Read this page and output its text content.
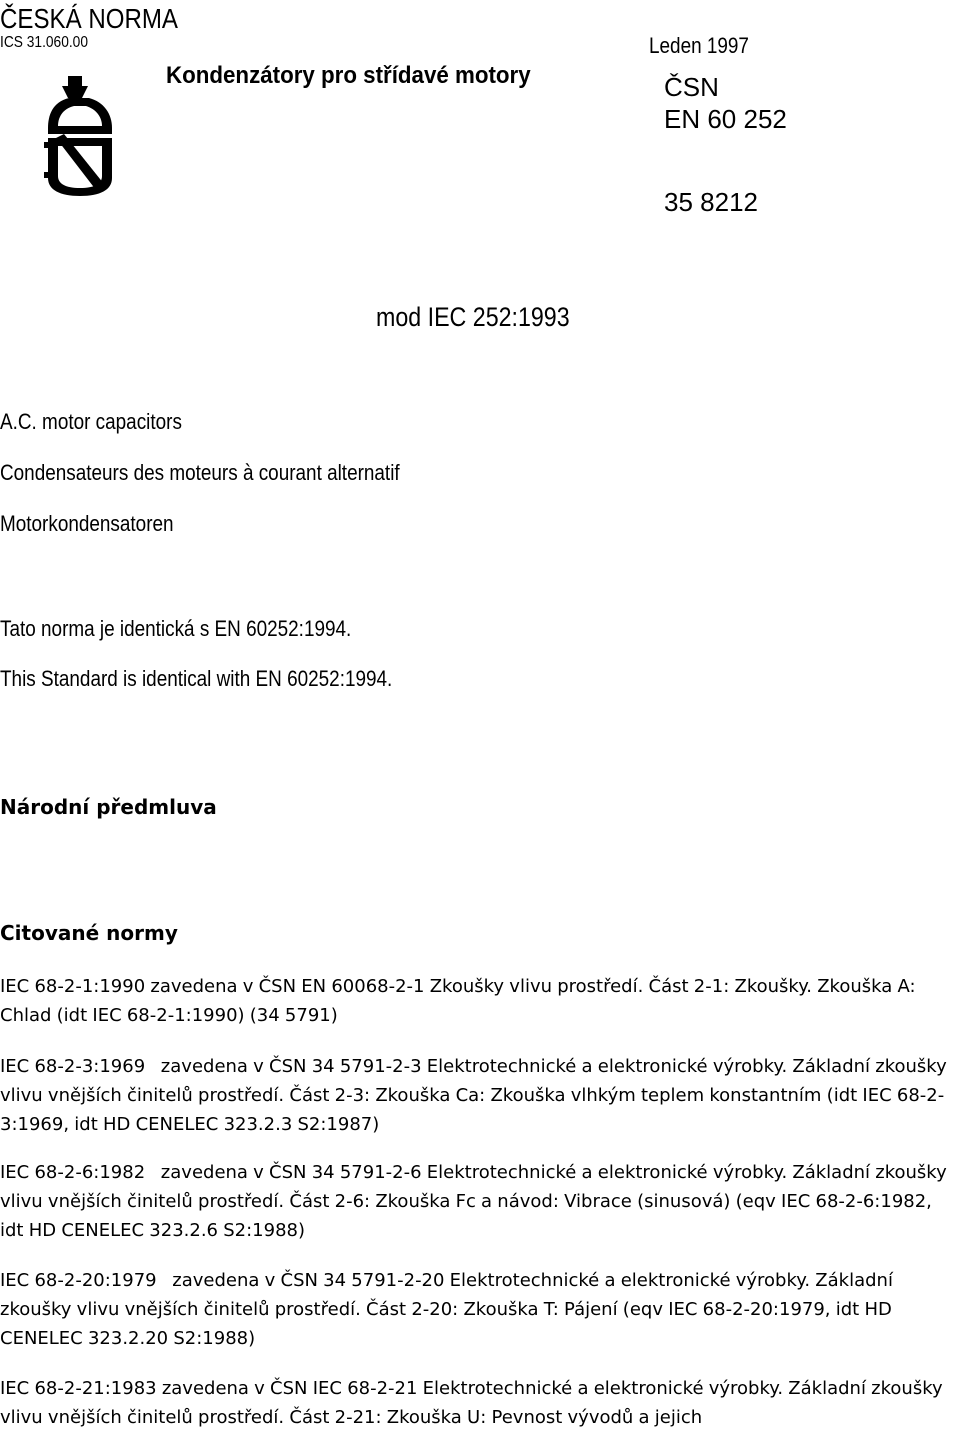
ČESKÁ NORMA
ICS 31.060.00	Leden 1997
Kondenzátory pro střídavé motory	ČSN
EN 60 252
35 8212
mod IEC 252:1993
A.C. motor capacitors
Condensateurs des moteurs à courant alternatif
Motorkondensatoren
Tato norma je identická s EN 60252:1994.
This Standard is identical with EN 60252:1994.
Národní předmluva
Citované normy

IEC 68-2-1:1990 zavedena v ČSN EN 60068-2-1 Zkoušky vlivu prostředí. Část 2-1: Zkoušky. Zkouška A: Chlad (idt IEC 68-2-1:1990) (34 5791)

IEC 68-2-3:1969   zavedena v ČSN 34 5791-2-3 Elektrotechnické a elektronické výrobky. Základní zkoušky vlivu vnějších činitelů prostředí. Část 2-3: Zkouška Ca: Zkouška vlhkým teplem konstantním (idt IEC 68-2-3:1969, idt HD CENELEC 323.2.3 S2:1987)

IEC 68-2-6:1982   zavedena v ČSN 34 5791-2-6 Elektrotechnické a elektronické výrobky. Základní zkoušky vlivu vnějších činitelů prostředí. Část 2-6: Zkouška Fc a návod: Vibrace (sinusová) (eqv IEC 68-2-6:1982, idt HD CENELEC 323.2.6 S2:1988)

IEC 68-2-20:1979   zavedena v ČSN 34 5791-2-20 Elektrotechnické a elektronické výrobky. Základní zkoušky vlivu vnějších činitelů prostředí. Část 2-20: Zkouška T: Pájení (eqv IEC 68-2-20:1979, idt HD CENELEC 323.2.20 S2:1988)

IEC 68-2-21:1983 zavedena v ČSN IEC 68-2-21 Elektrotechnické a elektronické výrobky. Základní zkoušky vlivu vnějších činitelů prostředí. Část 2-21: Zkouška U: Pevnost vývodů a jejich
